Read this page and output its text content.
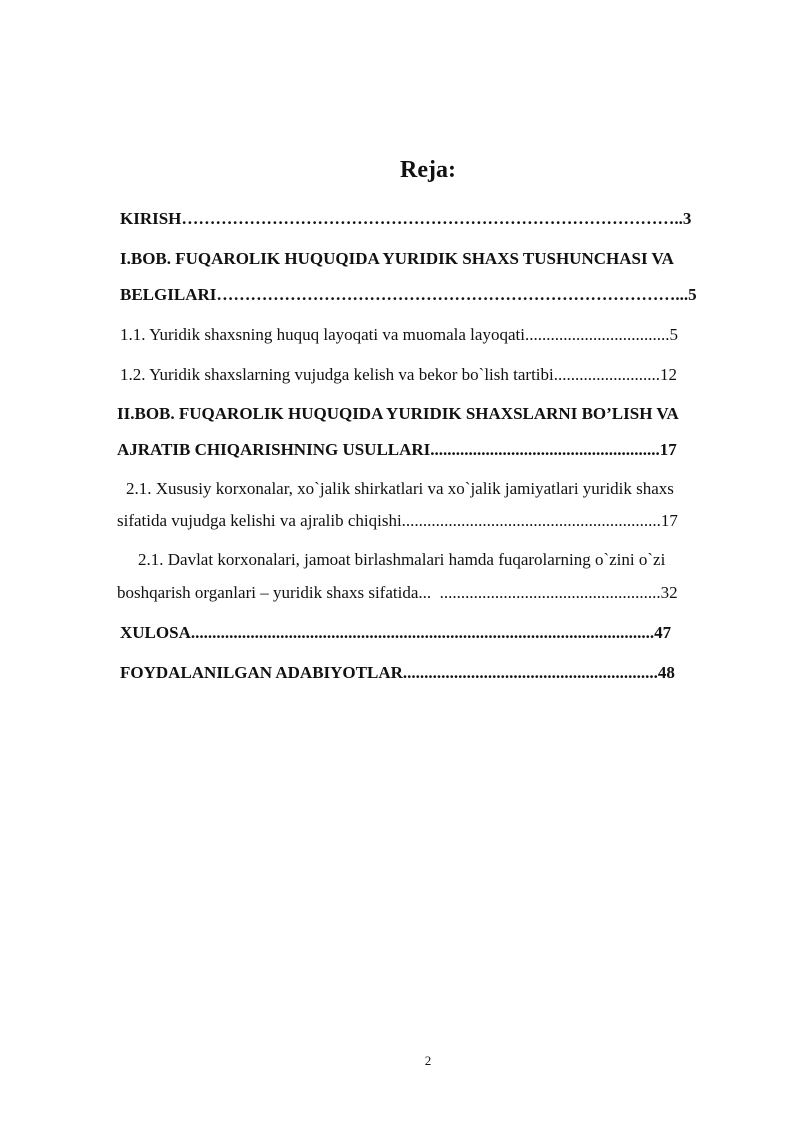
Reja:
KIRISH……………………………………………………………………………..3
I.BOB. FUQAROLIK HUQUQIDA YURIDIK SHAXS TUSHUNCHASI VA
BELGILARI………………………………………………………………………...5
1.1. Yuridik shaxsning huquq layoqati va muomala layoqati..................................5
1.2. Yuridik shaxslarning vujudga kelish va bekor bo`lish tartibi.........................12
II.BOB. FUQAROLIK HUQUQIDA YURIDIK SHAXSLARNI BO’LISH VA
AJRATIB CHIQARISHNING USULLARI......................................................17
2.1. Xususiy korxonalar, xo`jalik shirkatlari va xo`jalik jamiyatlari yuridik shaxs
sifatida vujudga kelishi va ajralib chiqishi.............................................................17
2.1. Davlat korxonalari, jamoat birlashmalari hamda fuqarolarning o`zini o`zi
boshqarish organlari – yuridik shaxs sifatida...  ....................................................32
XULOSA.............................................................................................................47
FOYDALANILGAN ADABIYOTLAR............................................................48
2
